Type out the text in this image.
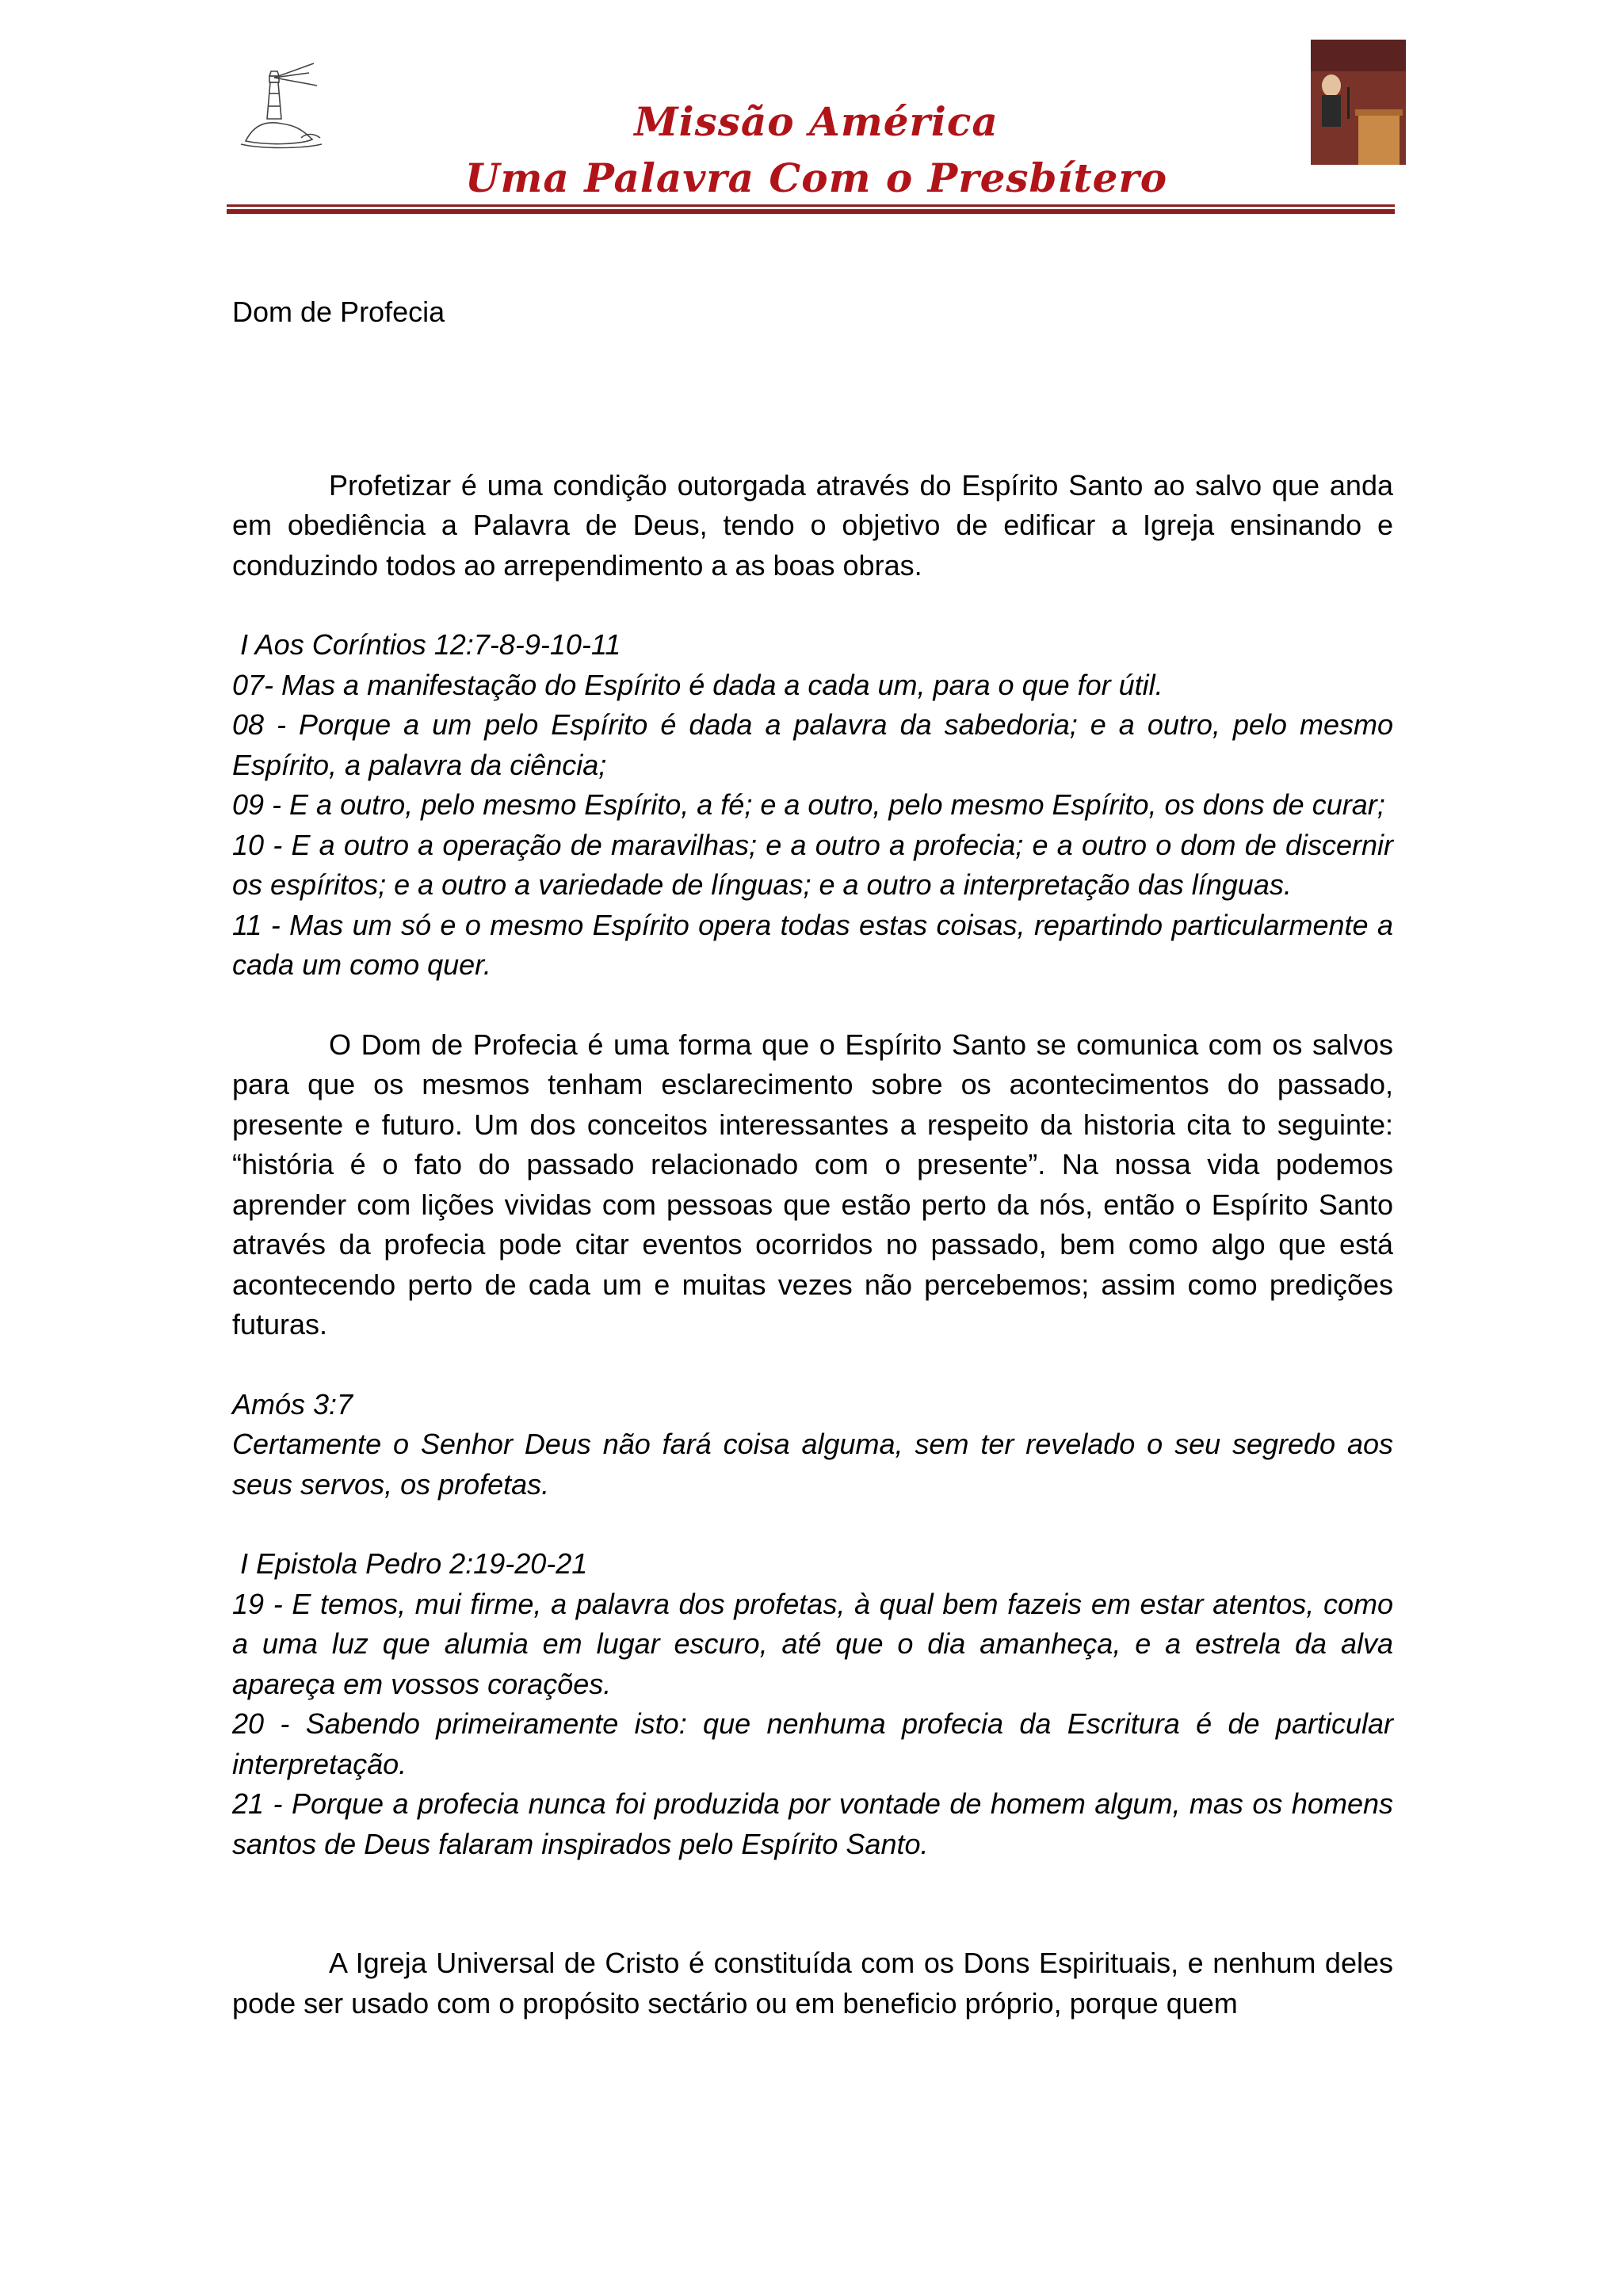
Missão América
Uma Palavra Com o Presbítero

Dom de Profecia

Profetizar é uma condição outorgada através do Espírito Santo ao salvo que anda em obediência a Palavra de Deus, tendo o objetivo de edificar a Igreja ensinando e conduzindo todos ao arrependimento a as boas obras.

I Aos Coríntios 12:7-8-9-10-11

07- Mas a manifestação do Espírito é dada a cada um, para o que for útil.

08 - Porque a um pelo Espírito é dada a palavra da sabedoria; e a outro, pelo mesmo Espírito, a palavra da ciência;

09 - E a outro, pelo mesmo Espírito, a fé; e a outro, pelo mesmo Espírito, os dons de curar;

10 - E a outro a operação de maravilhas; e a outro a profecia; e a outro o dom de discernir os espíritos; e a outro a variedade de línguas; e a outro a interpretação das línguas.

11 - Mas um só e o mesmo Espírito opera todas estas coisas, repartindo particularmente a cada um como quer.

O Dom de Profecia é uma forma que o Espírito Santo se comunica com os salvos para que os mesmos tenham esclarecimento sobre os acontecimentos do passado, presente e futuro. Um dos conceitos interessantes a respeito da historia cita to seguinte: “história é o fato do passado relacionado com o presente”. Na nossa vida podemos aprender com lições vividas com pessoas que estão perto da nós, então o Espírito Santo através da profecia pode citar eventos ocorridos no passado, bem como algo que está acontecendo perto de cada um e muitas vezes não percebemos; assim como predições futuras.

Amós 3:7

Certamente o Senhor Deus não fará coisa alguma, sem ter revelado o seu segredo aos seus servos, os profetas.

I Epistola Pedro 2:19-20-21

19 - E temos, mui firme, a palavra dos profetas, à qual bem fazeis em estar atentos, como a uma luz que alumia em lugar escuro, até que o dia amanheça, e a estrela da alva apareça em vossos corações.

20 - Sabendo primeiramente isto: que nenhuma profecia da Escritura é de particular interpretação.

21 - Porque a profecia nunca foi produzida por vontade de homem algum, mas os homens santos de Deus falaram inspirados pelo Espírito Santo.

A Igreja Universal de Cristo é constituída com os Dons Espirituais, e nenhum deles pode ser usado com o propósito sectário ou em beneficio próprio, porque quem
